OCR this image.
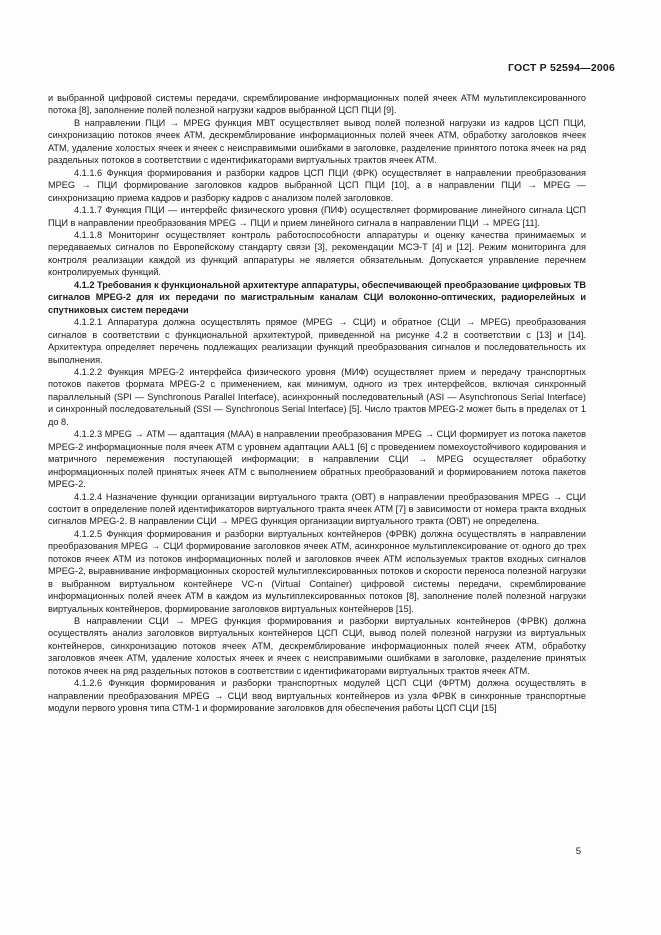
ГОСТ Р 52594—2006

и выбранной цифровой системы передачи, скремблирование информационных полей ячеек АТМ мультиплексированного потока [8], заполнение полей полезной нагрузки кадров выбранной ЦСП ПЦИ [9].

В направлении ПЦИ → MPEG функция МВТ осуществляет вывод полей полезной нагрузки из кадров ЦСП ПЦИ, синхронизацию потоков ячеек АТМ, дескремблирование информационных полей ячеек АТМ, обработку заголовков ячеек АТМ, удаление холостых ячеек и ячеек с неисправимыми ошибками в заголовке, разделение принятого потока ячеек на ряд раздельных потоков в соответствии с идентификаторами виртуальных трактов ячеек АТМ.

4.1.1.6 Функция формирования и разборки кадров ЦСП ПЦИ (ФРК) осуществляет в направлении преобразования MPEG → ПЦИ формирование заголовков кадров выбранной ЦСП ПЦИ [10], а в направлении ПЦИ → MPEG — синхронизацию приема кадров и разборку кадров с анализом полей заголовков.

4.1.1.7 Функция ПЦИ — интерфейс физического уровня (ПИФ) осуществляет формирование линейного сигнала ЦСП ПЦИ в направлении преобразования MPEG → ПЦИ и прием линейного сигнала в направлении ПЦИ → MPEG [11].

4.1.1.8 Мониторинг осуществляет контроль работоспособности аппаратуры и оценку качества принимаемых и передаваемых сигналов по Европейскому стандарту связи [3], рекомендации МСЭ-Т [4] и [12]. Режим мониторинга для контроля реализации каждой из функций аппаратуры не является обязательным. Допускается управление перечнем контролируемых функций.

4.1.2 Требования к функциональной архитектуре аппаратуры, обеспечивающей преобразование цифровых ТВ сигналов MPEG-2 для их передачи по магистральным каналам СЦИ волоконно-оптических, радиорелейных и спутниковых систем передачи

4.1.2.1 Аппаратура должна осуществлять прямое (MPEG → СЦИ) и обратное (СЦИ → MPEG) преобразования сигналов в соответствии с функциональной архитектурой, приведенной на рисунке 4.2 в соответствии с [13] и [14]. Архитектура определяет перечень подлежащих реализации функций преобразования сигналов и последовательность их выполнения.

4.1.2.2 Функция MPEG-2 интерфейса физического уровня (МИФ) осуществляет прием и передачу транспортных потоков пакетов формата MPEG-2 с применением, как минимум, одного из трех интерфейсов, включая синхронный параллельный (SPI — Synchronous Parallel Interface), асинхронный последовательный (ASI — Asynchronous Serial Interface) и синхронный последовательный (SSI — Synchronous Serial Interface) [5]. Число трактов MPEG-2 может быть в пределах от 1 до 8.

4.1.2.3 MPEG → АТМ — адаптация (МАА) в направлении преобразования MPEG → СЦИ формирует из потока пакетов MPEG-2 информационные поля ячеек АТМ с уровнем адаптации AAL1 [6] с проведением помехоустойчивого кодирования и матричного перемежения поступающей информации; в направлении СЦИ → MPEG осуществляет обработку информационных полей принятых ячеек АТМ с выполнением обратных преобразований и формированием потока пакетов MPEG-2.

4.1.2.4 Назначение функции организации виртуального тракта (ОВТ) в направлении преобразования MPEG → СЦИ состоит в определение полей идентификаторов виртуального тракта ячеек АТМ [7] в зависимости от номера тракта входных сигналов MPEG-2. В направлении СЦИ → MPEG функция организации виртуального тракта (ОВТ) не определена.

4.1.2.5 Функция формирования и разборки виртуальных контейнеров (ФРВК) должна осуществлять в направлении преобразования MPEG → СЦИ формирование заголовков ячеек АТМ, асинхронное мультиплексирование от одного до трех потоков ячеек АТМ из потоков информационных полей и заголовков ячеек АТМ используемых трактов входных сигналов MPEG-2, выравнивание информационных скоростей мультиплексированных потоков и скорости переноса полезной нагрузки в выбранном виртуальном контейнере VC-n (Virtual Container) цифровой системы передачи, скремблирование информационных полей ячеек АТМ в каждом из мультиплексированных потоков [8], заполнение полей полезной нагрузки виртуальных контейнеров, формирование заголовков виртуальных контейнеров [15].

В направлении СЦИ → MPEG функция формирования и разборки виртуальных контейнеров (ФРВК) должна осуществлять анализ заголовков виртуальных контейнеров ЦСП СЦИ, вывод полей полезной нагрузки из виртуальных контейнеров, синхронизацию потоков ячеек АТМ, дескремблирование информационных полей ячеек АТМ, обработку заголовков ячеек АТМ, удаление холостых ячеек и ячеек с неисправимыми ошибками в заголовке, разделение принятых потоков ячеек на ряд раздельных потоков в соответствии с идентификаторами виртуальных трактов ячеек АТМ.

4.1.2.6 Функция формирования и разборки транспортных модулей ЦСП СЦИ (ФРТМ) должна осуществлять в направлении преобразования MPEG → СЦИ ввод виртуальных контейнеров из узла ФРВК в синхронные транспортные модули первого уровня типа СТМ-1 и формирование заголовков для обеспечения работы ЦСП СЦИ [15]

5
